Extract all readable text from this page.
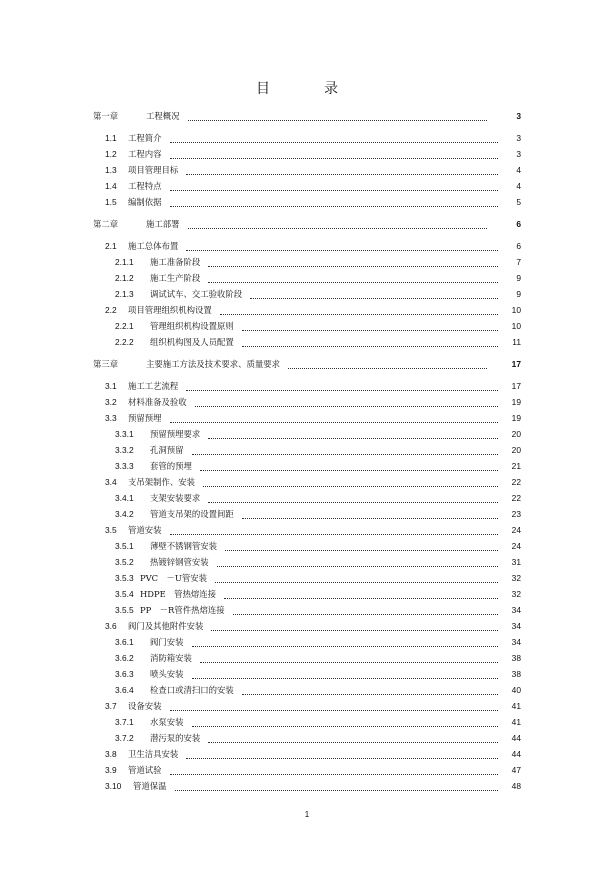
目　录
第一章	工程概况	3
1.1 工程简介	3
1.2 工程内容	3
1.3 项目管理目标	4
1.4 工程特点	4
1.5 编制依据	5
第二章	施工部署	6
2.1 施工总体布置	6
2.1.1 施工准备阶段	7
2.1.2 施工生产阶段	9
2.1.3 调试试车、交工验收阶段	9
2.2 项目管理组织机构设置	10
2.2.1 管理组织机构设置原则	10
2.2.2 组织机构图及人员配置	11
第三章	主要施工方法及技术要求、质量要求	17
3.1 施工工艺流程	17
3.2 材料准备及验收	19
3.3 预留预埋	19
3.3.1 预留预埋要求	20
3.3.2 孔洞预留	20
3.3.3 套管的预埋	21
3.4 支吊架制作、安装	22
3.4.1 支架安装要求	22
3.4.2 管道支吊架的设置间距	23
3.5 管道安装	24
3.5.1 薄壁不锈钢管安装	24
3.5.2 热镀锌钢管安装	31
3.5.3 PVC　－U管安装	32
3.5.4 HDPE　管热熔连接	32
3.5.5 PP　－R管件热熔连接	34
3.6 阀门及其他附件安装	34
3.6.1 阀门安装	34
3.6.2 消防箱安装	38
3.6.3 喷头安装	38
3.6.4 检查口或清扫口的安装	40
3.7 设备安装	41
3.7.1 水泵安装	41
3.7.2 潜污泵的安装	44
3.8 卫生洁具安装	44
3.9 管道试验	47
3.10 管道保温	48
1
